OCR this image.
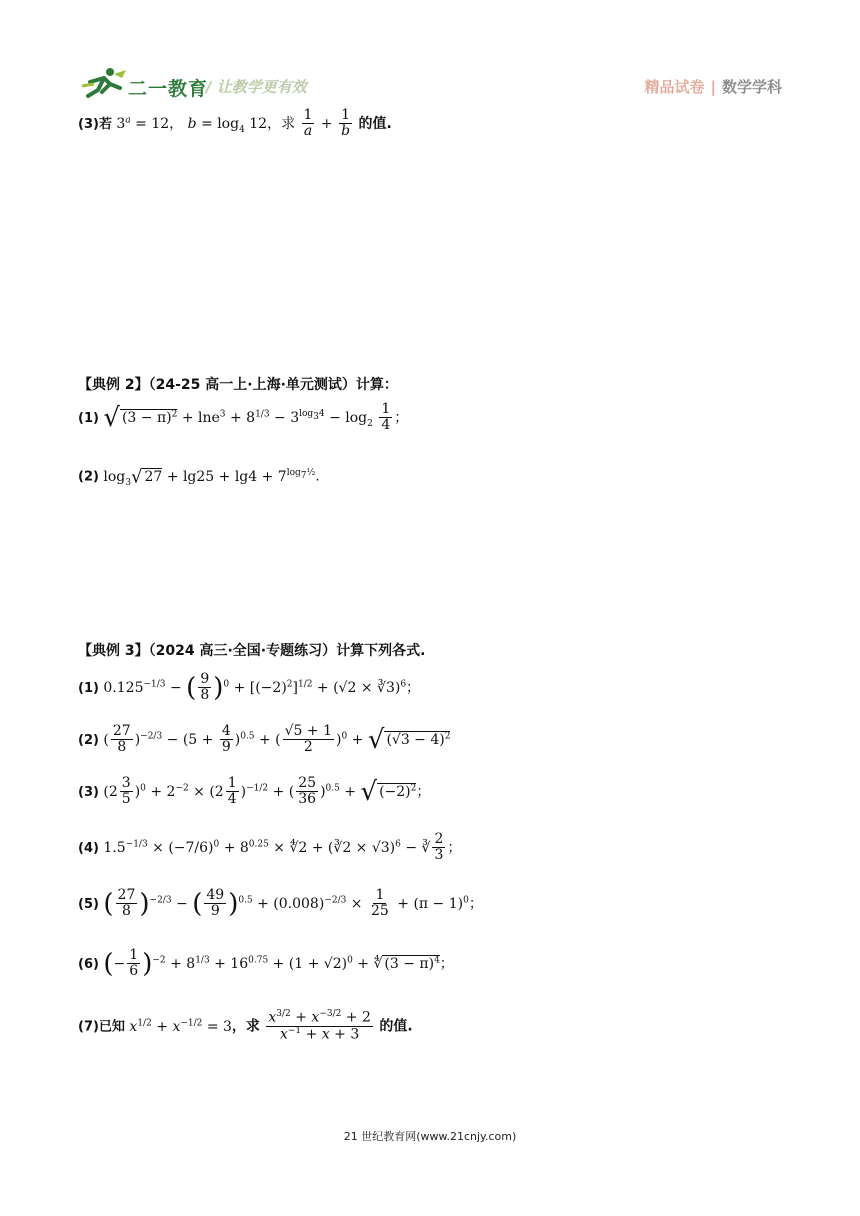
二一教育
/ 让教学更有效	精品试卷 | 数学学科
(3)若 $3^a = 12$， $b = \log_4 12$，求 $\frac{1}{a} + \frac{1}{b}$ 的值.
【典例 2】（24-25 高一上·上海·单元测试）计算：
(1) √ $(3 - \pi)^2 + \ln e^3 + 8^{1/3} - 3^{log_34} - \log_2 \frac{1}{4}$ ；
(2) $\log_3√$ $27 + \lg 25 + \lg 4 + 7^{log_7\frac{1}{2}}$.
【典例 3】（2024 高三·全国·专题练习）计算下列各式.
(1) $0.125^{-1/3}$ − ( $\frac{9}{8} )^0 + [(-2)^2]^{1/2} + (√2$ × ∛3)$^6$；
(2) ( $\frac{27}{8} )^{-2/3} - (5 + \frac{4}{9} )^{0.5}$ + ( $\frac{√5 + 1}{2} )^0$ + √ $(√3 - 4)^2$
(3) $(2 \frac{3}{5} )^0 + 2^{-2} \times (2 \frac{1}{4} )^{-1/2}$ + ( $\frac{25}{36} )^{0.5}$ + √ $(-2)^2$；
(4) $1.5^{-1/3} \times (-7/6)^0 + 8^{0.25}$ × ∜2 + (∛2 × √3)$^6$ − ∛ $\frac{2}{3}$ ；
(5) ( $\frac{27}{8} )^{-2/3}$ − ( $\frac{49}{9} )^{0.5} + (0.008)^{-2/3} \times \frac{1}{25} + (\pi - 1)^0$；
(6) (− $\frac{1}{6} )^{-2} + 8^{1/3} + 16^{0.75} + (1 + √2)^0$ + ∜ $(3 - \pi)^4$；
(7)已知 $x^{1/2} + x^{-1/2} = 3$，求 $\frac{x^{3/2} + x^{-3/2} + 2}{x^{-1} + x + 3}$ 的值.
21 世纪教育网(www.21cnjy.com)
